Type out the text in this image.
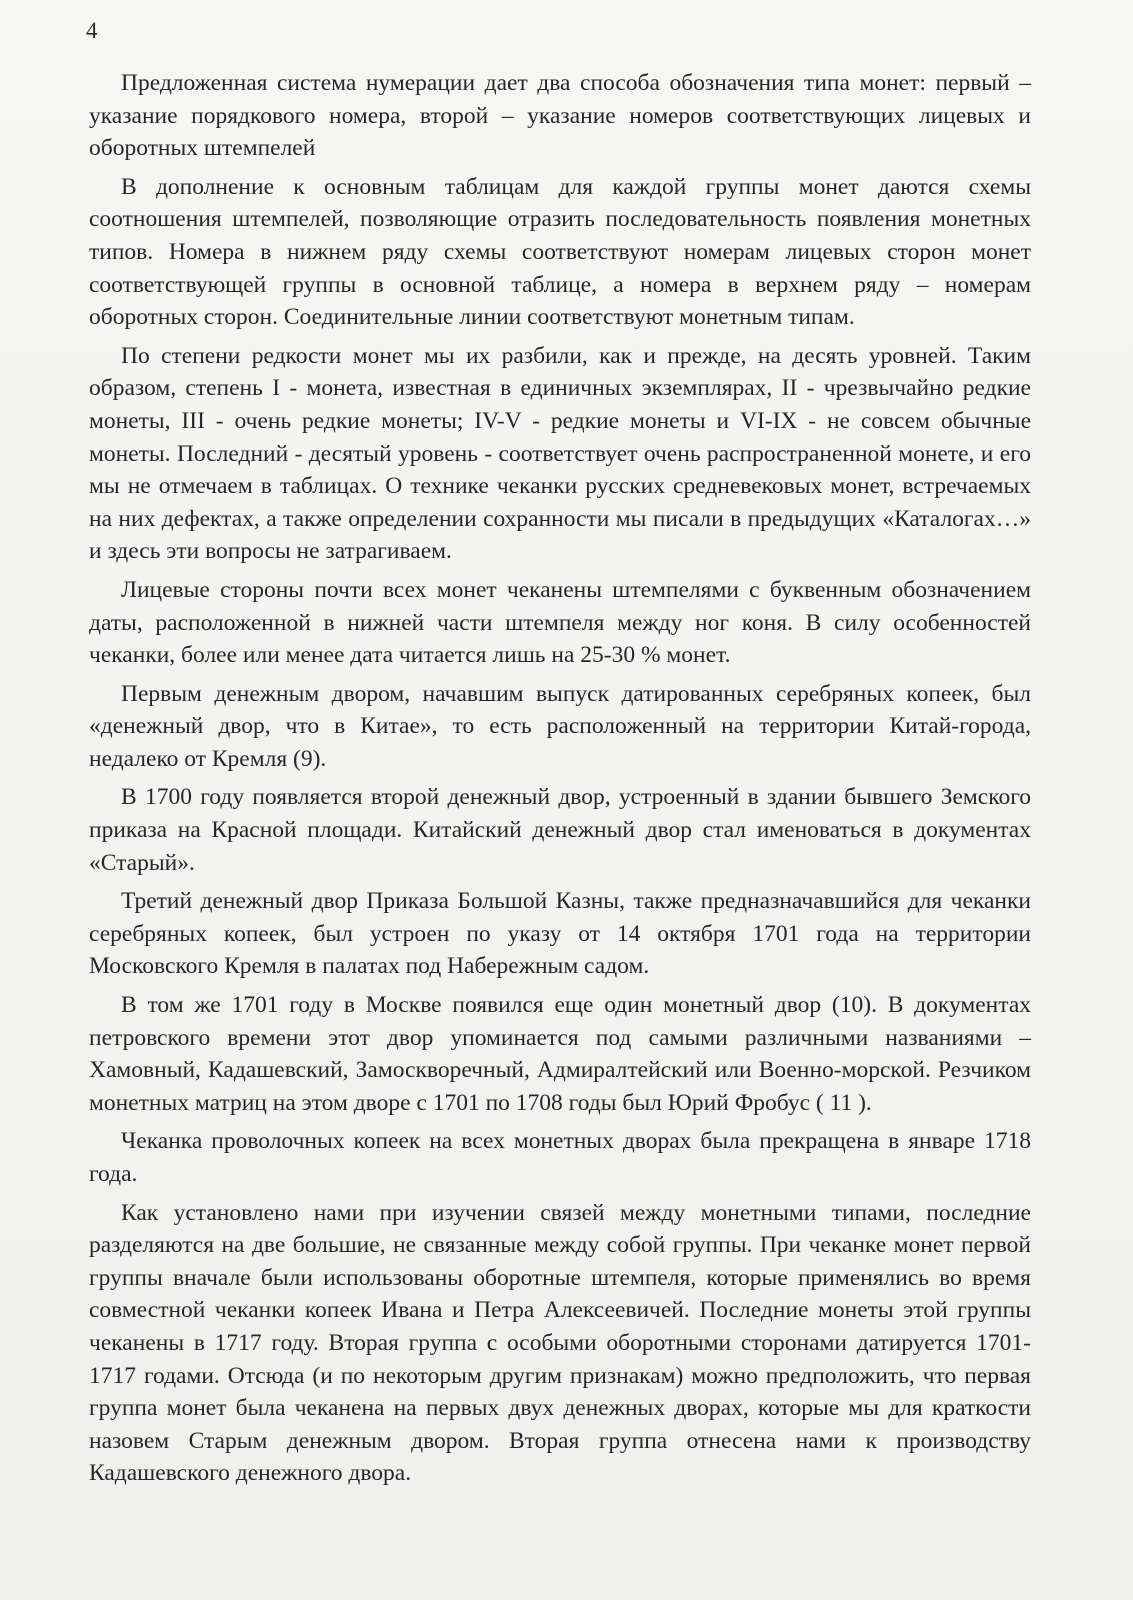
4

Предложенная система нумерации дает два способа обозначения типа монет: первый – указание порядкового номера, второй – указание номеров соответствующих лицевых и оборотных штемпелей

В дополнение к основным таблицам для каждой группы монет даются схемы соотношения штемпелей, позволяющие отразить последовательность появления монетных типов. Номера в нижнем ряду схемы соответствуют номерам лицевых сторон монет соответствующей группы в основной таблице, а номера в верхнем ряду – номерам оборотных сторон. Соединительные линии соответствуют монетным типам.

По степени редкости монет мы их разбили, как и прежде, на десять уровней. Таким образом, степень I - монета, известная в единичных экземплярах, II - чрезвычайно редкие монеты, III - очень редкие монеты; IV-V - редкие монеты и VI-IX - не совсем обычные монеты. Последний - десятый уровень - соответствует очень распространенной монете, и его мы не отмечаем в таблицах. О технике чеканки русских средневековых монет, встречаемых на них дефектах, а также определении сохранности мы писали в предыдущих «Каталогах…» и здесь эти вопросы не затрагиваем.

Лицевые стороны почти всех монет чеканены штемпелями с буквенным обозначением даты, расположенной в нижней части штемпеля между ног коня. В силу особенностей чеканки, более или менее дата читается лишь на 25-30 % монет.

Первым денежным двором, начавшим выпуск датированных серебряных копеек, был «денежный двор, что в Китае», то есть расположенный на территории Китай-города, недалеко от Кремля (9).

В 1700 году появляется второй денежный двор, устроенный в здании бывшего Земского приказа на Красной площади. Китайский денежный двор стал именоваться в документах «Старый».

Третий денежный двор Приказа Большой Казны, также предназначавшийся для чеканки серебряных копеек, был устроен по указу от 14 октября 1701 года на территории Московского Кремля в палатах под Набережным садом.

В том же 1701 году в Москве появился еще один монетный двор (10). В документах петровского времени этот двор упоминается под самыми различными названиями – Хамовный, Кадашевский, Замоскворечный, Адмиралтейский или Военно-морской. Резчиком монетных матриц на этом дворе с 1701 по 1708 годы был Юрий Фробус ( 11 ).

Чеканка проволочных копеек на всех монетных дворах была прекращена в январе 1718 года.

Как установлено нами при изучении связей между монетными типами, последние разделяются на две большие, не связанные между собой группы. При чеканке монет первой группы вначале были использованы оборотные штемпеля, которые применялись во время совместной чеканки копеек Ивана и Петра Алексеевичей. Последние монеты этой группы чеканены в 1717 году. Вторая группа с особыми оборотными сторонами датируется 1701-1717 годами. Отсюда (и по некоторым другим признакам) можно предположить, что первая группа монет была чеканена на первых двух денежных дворах, которые мы для краткости назовем Старым денежным двором. Вторая группа отнесена нами к производству Кадашевского денежного двора.
